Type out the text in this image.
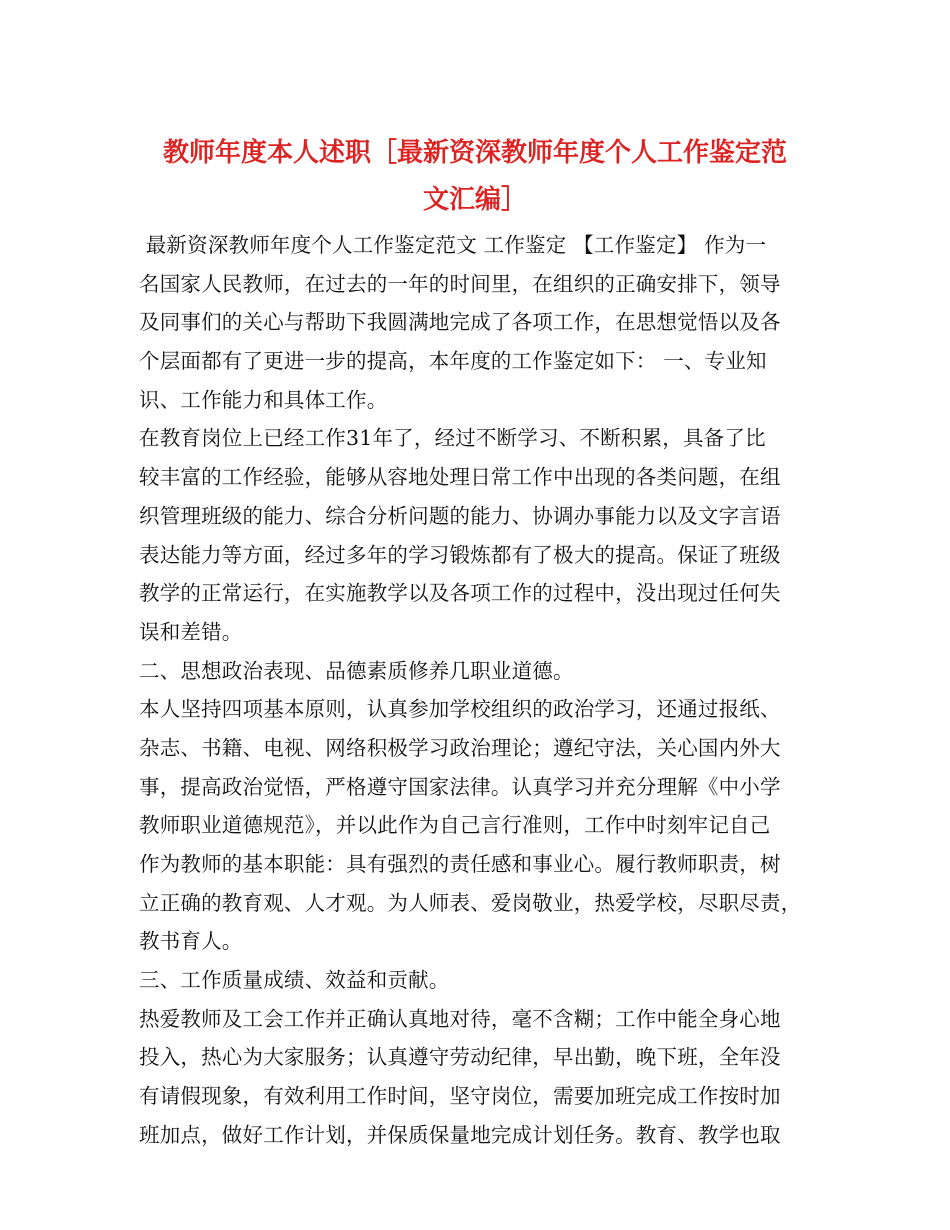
教师年度本人述职［最新资深教师年度个人工作鉴定范
文汇编］
最新资深教师年度个人工作鉴定范文 工作鉴定 【工作鉴定】 作为一
名国家人民教师，在过去的一年的时间里，在组织的正确安排下，领导
及同事们的关心与帮助下我圆满地完成了各项工作，在思想觉悟以及各
个层面都有了更进一步的提高，本年度的工作鉴定如下： 一、专业知
识、工作能力和具体工作。
在教育岗位上已经工作31年了，经过不断学习、不断积累，具备了比
较丰富的工作经验，能够从容地处理日常工作中出现的各类问题，在组
织管理班级的能力、综合分析问题的能力、协调办事能力以及文字言语
表达能力等方面，经过多年的学习锻炼都有了极大的提高。保证了班级
教学的正常运行，在实施教学以及各项工作的过程中，没出现过任何失
误和差错。
二、思想政治表现、品德素质修养几职业道德。
本人坚持四项基本原则，认真参加学校组织的政治学习，还通过报纸、
杂志、书籍、电视、网络积极学习政治理论；遵纪守法，关心国内外大
事，提高政治觉悟，严格遵守国家法律。认真学习并充分理解《中小学
教师职业道德规范》，并以此作为自己言行准则，工作中时刻牢记自己
作为教师的基本职能：具有强烈的责任感和事业心。履行教师职责，树
立正确的教育观、人才观。为人师表、爱岗敬业，热爱学校，尽职尽责，
教书育人。
三、工作质量成绩、效益和贡献。
热爱教师及工会工作并正确认真地对待，毫不含糊；工作中能全身心地
投入，热心为大家服务；认真遵守劳动纪律，早出勤，晚下班，全年没
有请假现象，有效利用工作时间，坚守岗位，需要加班完成工作按时加
班加点，做好工作计划，并保质保量地完成计划任务。教育、教学也取
